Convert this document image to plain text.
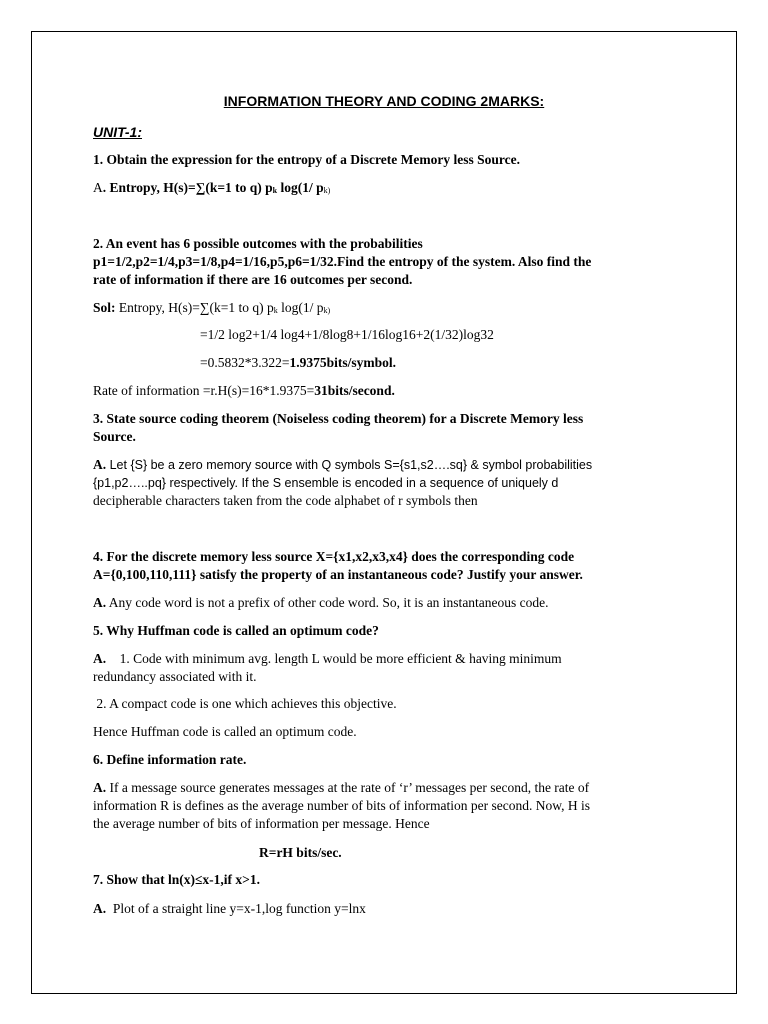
INFORMATION THEORY AND CODING 2MARKS:
UNIT-1:
1. Obtain the expression for the entropy of a Discrete Memory less Source.
A. Entropy, H(s)=∑(k=1 to q) $p_k$ log(1/ $p_{k)}$
2. An event has 6 possible outcomes with the probabilities
p1=1/2,p2=1/4,p3=1/8,p4=1/16,p5,p6=1/32.Find the entropy of the system. Also find the
rate of information if there are 16 outcomes per second.
Sol: Entropy, H(s)=∑(k=1 to q) $p_k$ log(1/ $p_{k)}$
=1/2 log2+1/4 log4+1/8log8+1/16log16+2(1/32)log32
=0.5832*3.322=1.9375bits/symbol.
Rate of information =r.H(s)=16*1.9375=31bits/second.
3. State source coding theorem (Noiseless coding theorem) for a Discrete Memory less
Source.
A. Let {S} be a zero memory source with Q symbols S={s1,s2….sq} & symbol probabilities
{p1,p2…..pq} respectively. If the S ensemble is encoded in a sequence of uniquely d
decipherable characters taken from the code alphabet of r symbols then
4. For the discrete memory less source X={x1,x2,x3,x4} does the corresponding code
A={0,100,110,111} satisfy the property of an instantaneous code? Justify your answer.
A. Any code word is not a prefix of other code word. So, it is an instantaneous code.
5. Why Huffman code is called an optimum code?
A.    1. Code with minimum avg. length L would be more efficient & having minimum
redundancy associated with it.
2. A compact code is one which achieves this objective.
Hence Huffman code is called an optimum code.
6. Define information rate.
A. If a message source generates messages at the rate of ‘r’ messages per second, the rate of
information R is defines as the average number of bits of information per second. Now, H is
the average number of bits of information per message. Hence
R=rH bits/sec.
7. Show that ln(x)≤x-1,if x>1.
A.  Plot of a straight line y=x-1,log function y=lnx
